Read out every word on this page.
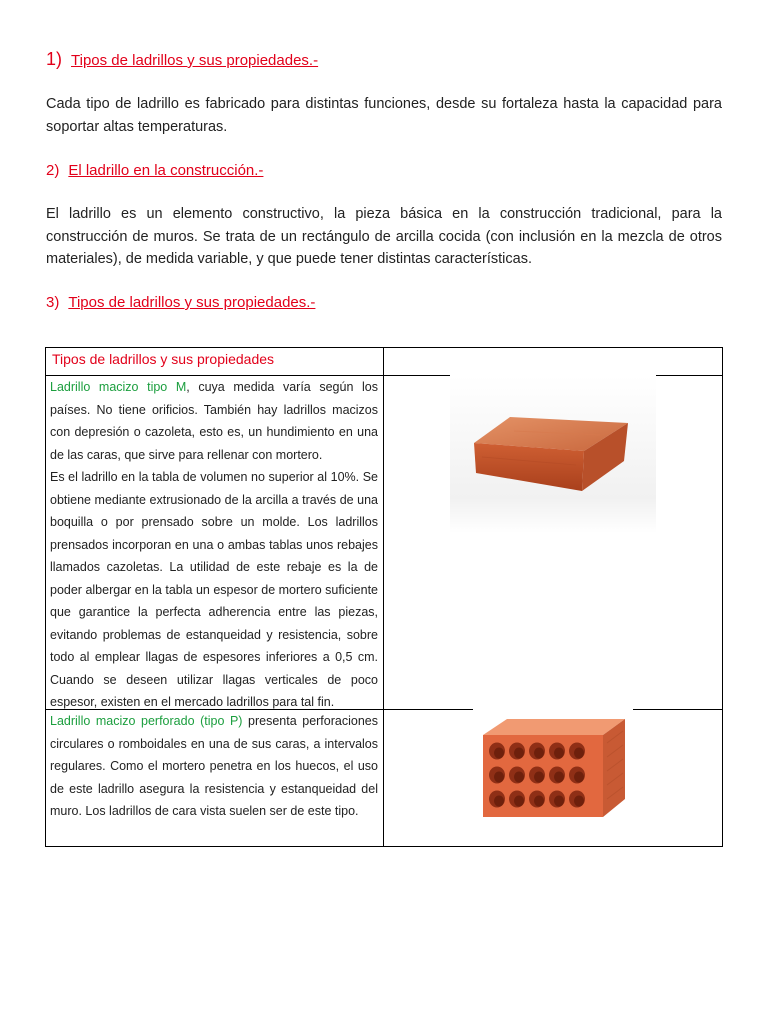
1) Tipos de ladrillos y sus propiedades.-

Cada tipo de ladrillo es fabricado para distintas funciones, desde su fortaleza hasta la capacidad para soportar altas temperaturas.

2) El ladrillo en la construcción.-

El ladrillo es un elemento constructivo, la pieza básica en la construcción tradicional, para la construcción de muros. Se trata de un rectángulo de arcilla cocida (con inclusión en la mezcla de otros materiales), de medida variable, y que puede tener distintas características.

3) Tipos de ladrillos y sus propiedades.-
Tipos de ladrillos y sus propiedades
Ladrillo macizo tipo M, cuya medida varía según los países. No tiene orificios. También hay ladrillos macizos con depresión o cazoleta, esto es, un hundimiento en una de las caras, que sirve para rellenar con mortero.
Es el ladrillo en la tabla de volumen no superior al 10%. Se obtiene mediante extrusionado de la arcilla a través de una boquilla o por prensado sobre un molde. Los ladrillos prensados incorporan en una o ambas tablas unos rebajes llamados cazoletas. La utilidad de este rebaje es la de poder albergar en la tabla un espesor de mortero suficiente que garantice la perfecta adherencia entre las piezas, evitando problemas de estanqueidad y resistencia, sobre todo al emplear llagas de espesores inferiores a 0,5 cm. Cuando se deseen utilizar llagas verticales de poco espesor, existen en el mercado ladrillos para tal fin.
Ladrillo macizo perforado (tipo P) presenta perforaciones circulares o romboidales en una de sus caras, a intervalos regulares. Como el mortero penetra en los huecos, el uso de este ladrillo asegura la resistencia y estanqueidad del muro. Los ladrillos de cara vista suelen ser de este tipo.
